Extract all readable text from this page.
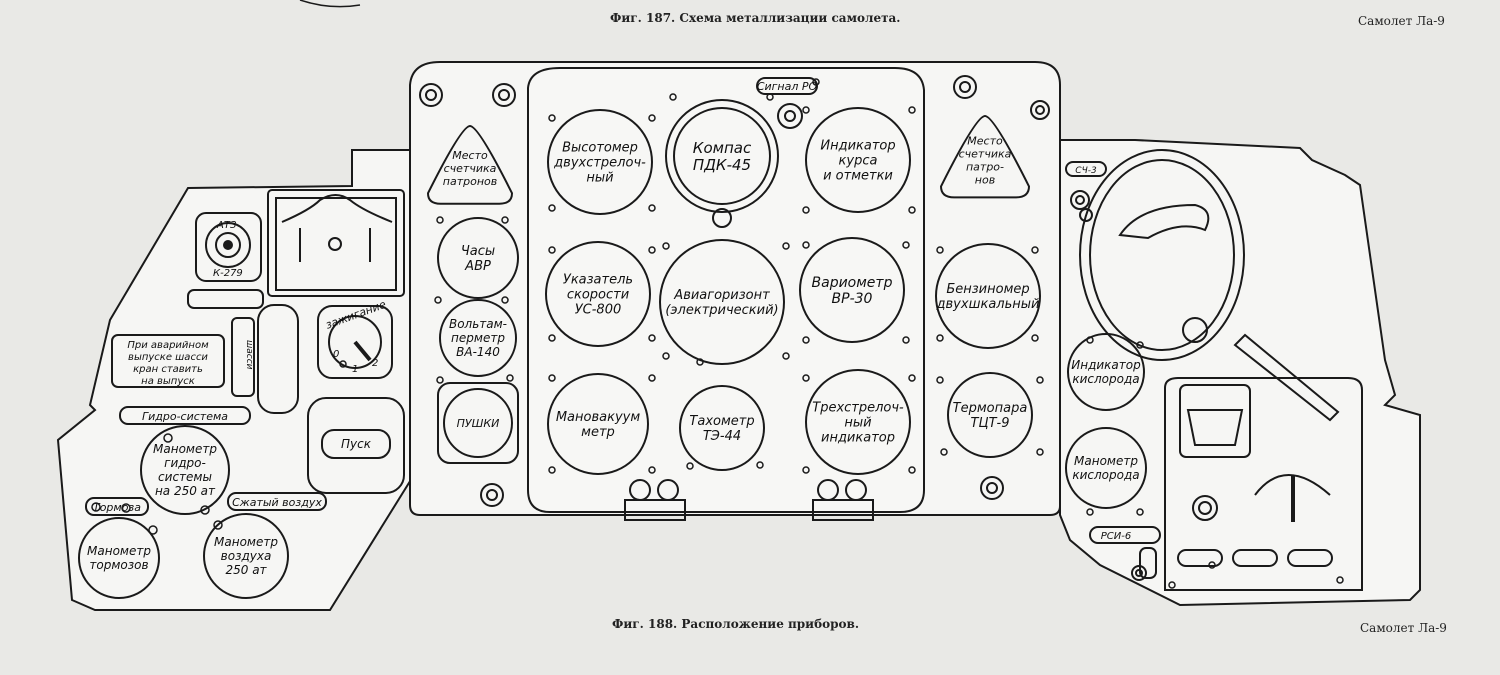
Фиг. 187. Схема металлизации самолета.	Самолет Ла-9
Фиг. 188. Расположение приборов.	Самолет Ла-9
АТЗ
К-279
При аварийном
выпуске шасси
кран ставить
на выпуск
шасси
зажигание
Пуск
Гидро-система
Тормоза	Сжатый воздух
Сигнал РО
РСИ-6
СЧ-3
Место
счетчика
патронов
Часы
АВР
Вольтам-
перметр
ВА-140
ПУШКИ
Высотомер
двухстрелоч-
ный
Компас
ПДК-45
Индикатор
курса
и отметки
Указатель
скорости
УС-800
Авиагоризонт
(электрический)
Вариометр
ВР-30
Мановакуум
метр
Тахометр
ТЭ-44
Трехстрелоч-
ный
индикатор
Место
счетчика
патро-
нов
Бензиномер
двухшкальный
Термопара
ТЦТ-9
Индикатор
кислорода
Манометр
кислорода
Манометр
гидро-
системы
на 250 ат
Манометр
тормозов
Манометр
воздуха
250 ат
0
1
2
